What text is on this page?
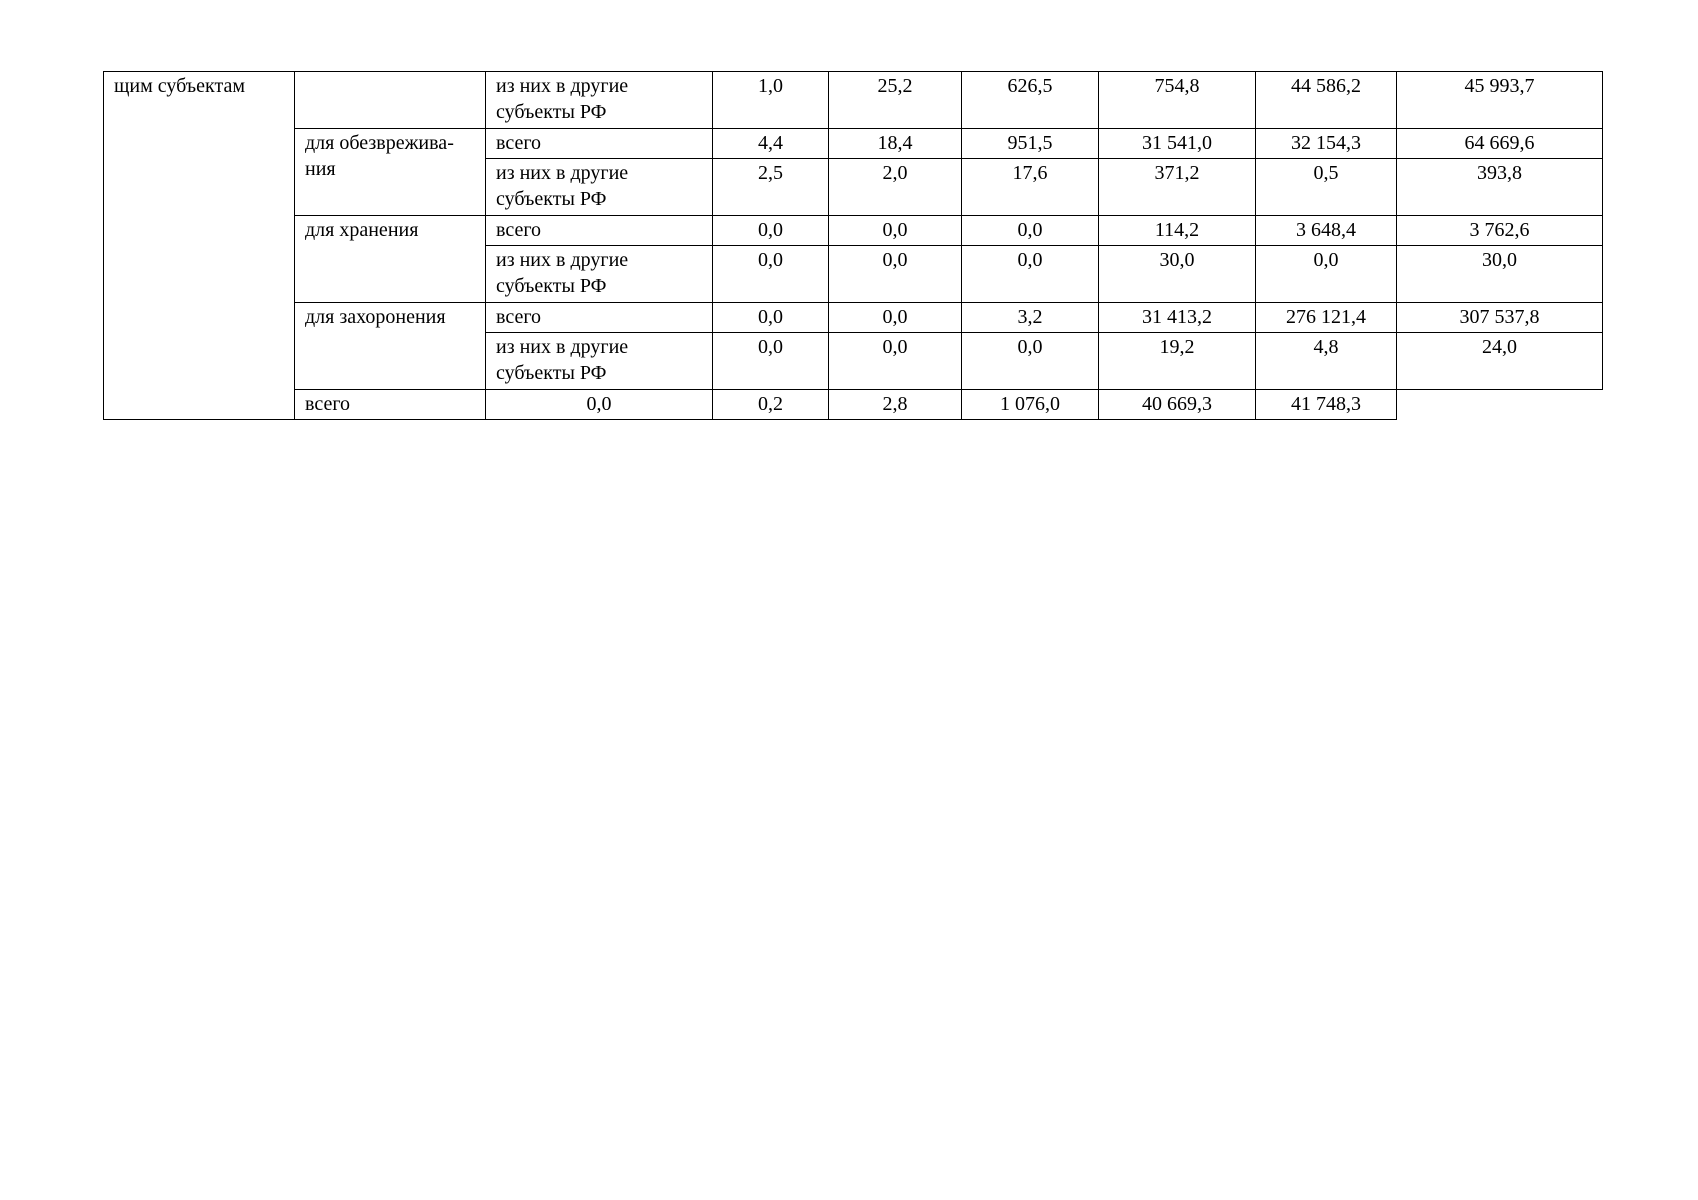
щим субъектам		из них в другие субъекты РФ	1,0	25,2	626,5	754,8	44 586,2	45 993,7
	для обезврежива-ния	всего	4,4	18,4	951,5	31 541,0	32 154,3	64 669,6
		из них в другие субъекты РФ	2,5	2,0	17,6	371,2	0,5	393,8
	для хранения	всего	0,0	0,0	0,0	114,2	3 648,4	3 762,6
		из них в другие субъекты РФ	0,0	0,0	0,0	30,0	0,0	30,0
	для захоронения	всего	0,0	0,0	3,2	31 413,2	276 121,4	307 537,8
		из них в другие субъекты РФ	0,0	0,0	0,0	19,2	4,8	24,0
	всего	0,0	0,2	2,8	1 076,0	40 669,3	41 748,3	
